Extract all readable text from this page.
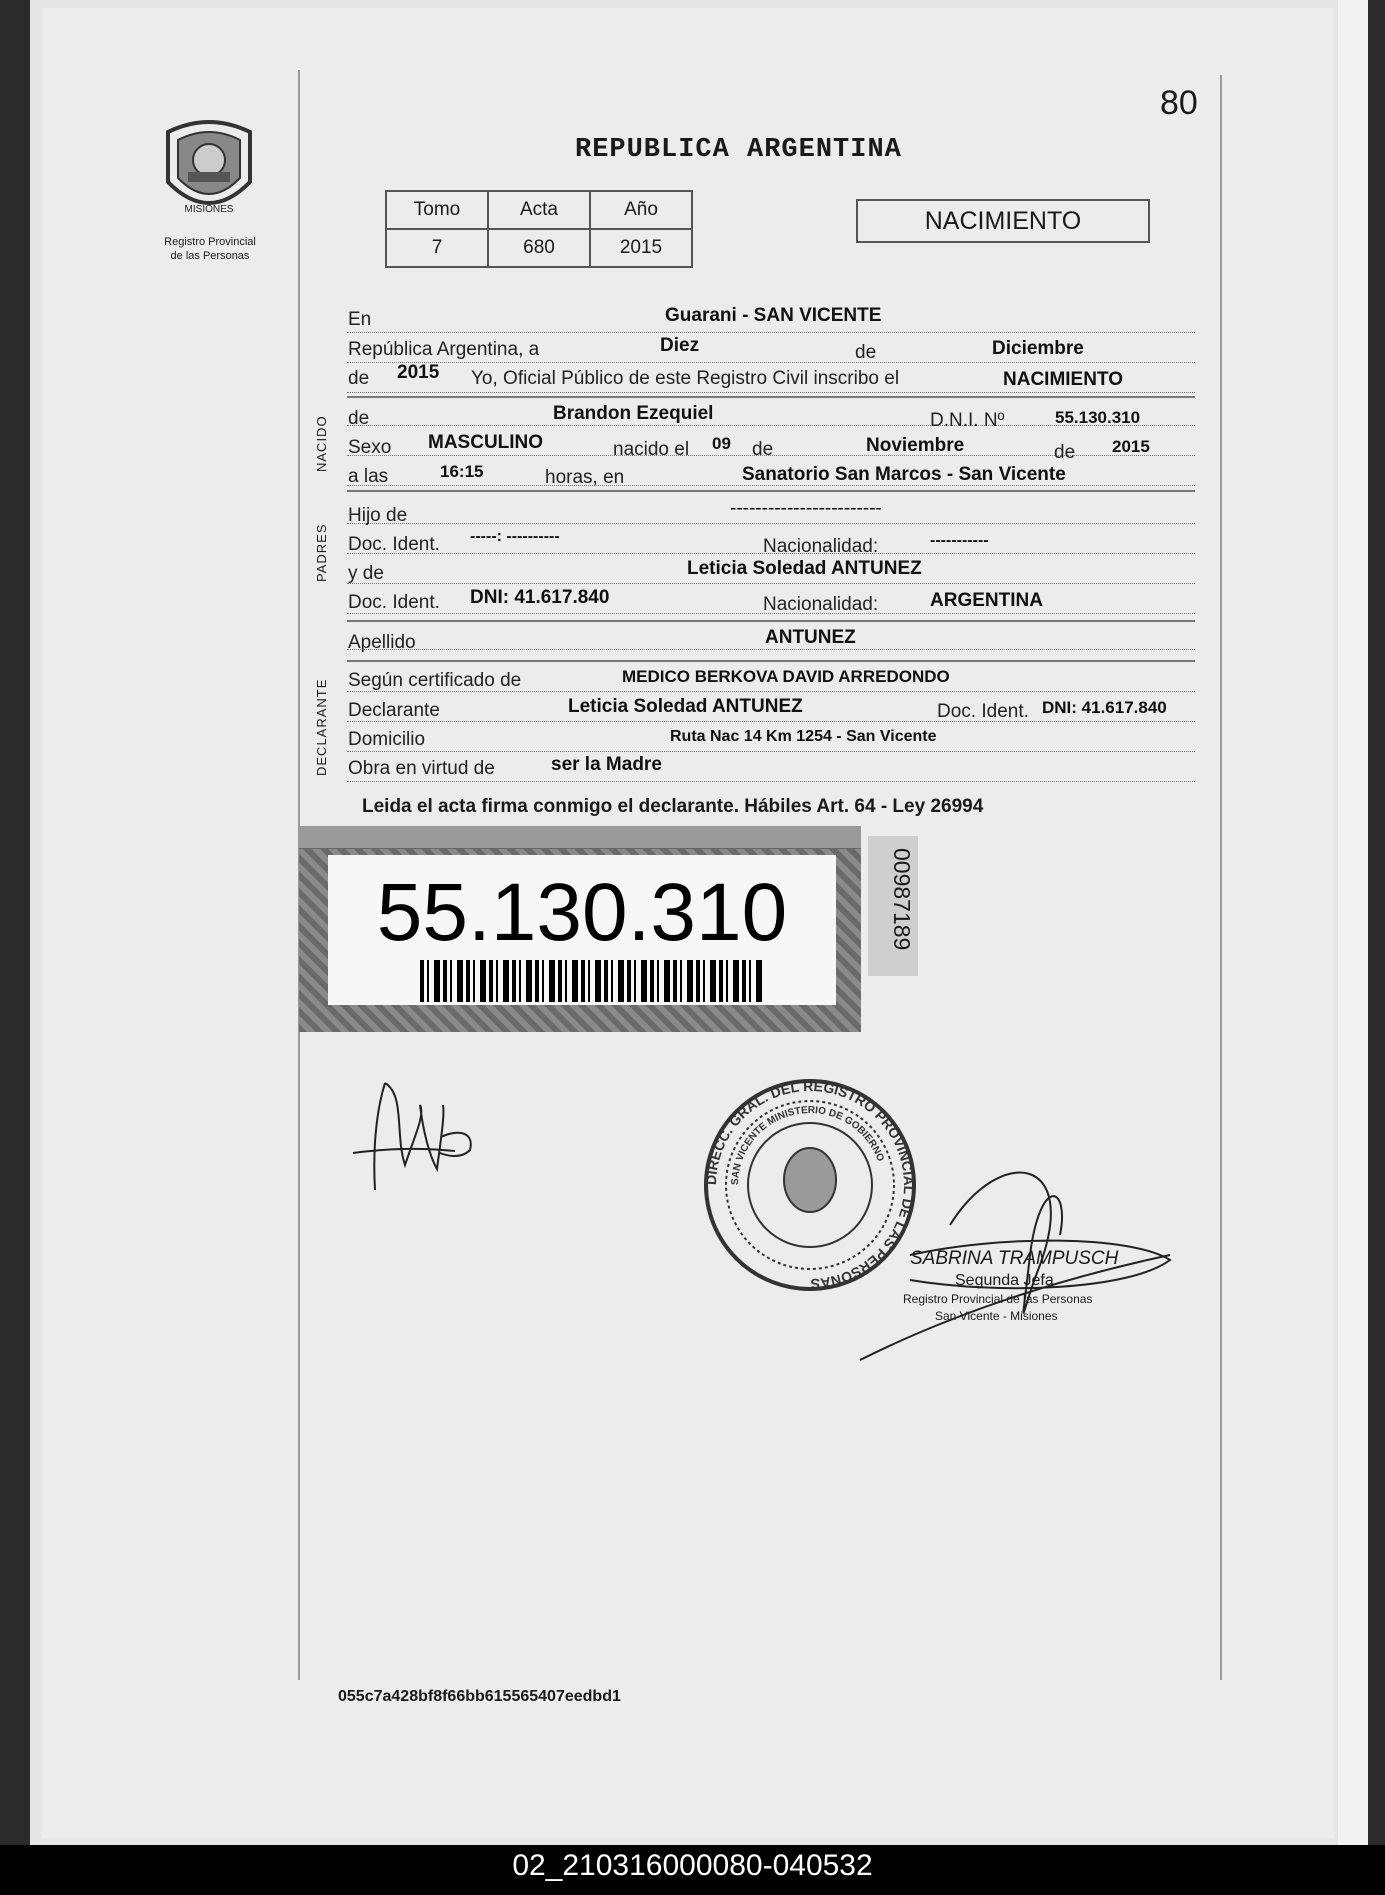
80
REPUBLICA ARGENTINA
MISIONES
Registro Provincial
de las Personas
Tomo	Acta	Año
7	680	2015
NACIMIENTO
NACIDO
PADRES
DECLARANTE
En	Guarani - SAN VICENTE
República Argentina, a	Diez	de	Diciembre
de 2015 Yo, Oficial Público de este Registro Civil inscribo el	NACIMIENTO
de	Brandon Ezequiel	D.N.I. Nº	55.130.310
Sexo MASCULINO	nacido el 09 de	Noviembre	de 2015
a las	16:15	horas, en	Sanatorio San Marcos - San Vicente
Hijo de	------------------------
Doc. Ident. -----: ----------	Nacionalidad:	-----------
y de	Leticia Soledad ANTUNEZ
Doc. Ident. DNI: 41.617.840	Nacionalidad:	ARGENTINA
Apellido	ANTUNEZ
Según certificado de	MEDICO BERKOVA DAVID ARREDONDO
Declarante	Leticia Soledad ANTUNEZ	Doc. Ident. DNI: 41.617.840
Domicilio	Ruta Nac 14 Km 1254 - San Vicente
Obra en virtud de	ser la Madre
Leida el acta firma conmigo el declarante. Hábiles Art. 64 - Ley 26994
55.130.310	00987189
DIRECC. GRAL. DEL REGISTRO PROVINCIAL DE LAS PERSONAS
SAN VICENTE MINISTERIO DE GOBIERNO
SABRINA TRAMPUSCH
Segunda Jefa
Registro Provincial de las Personas
San Vicente - Misiones
055c7a428bf8f66bb615565407eedbd1
02_210316000080-040532
